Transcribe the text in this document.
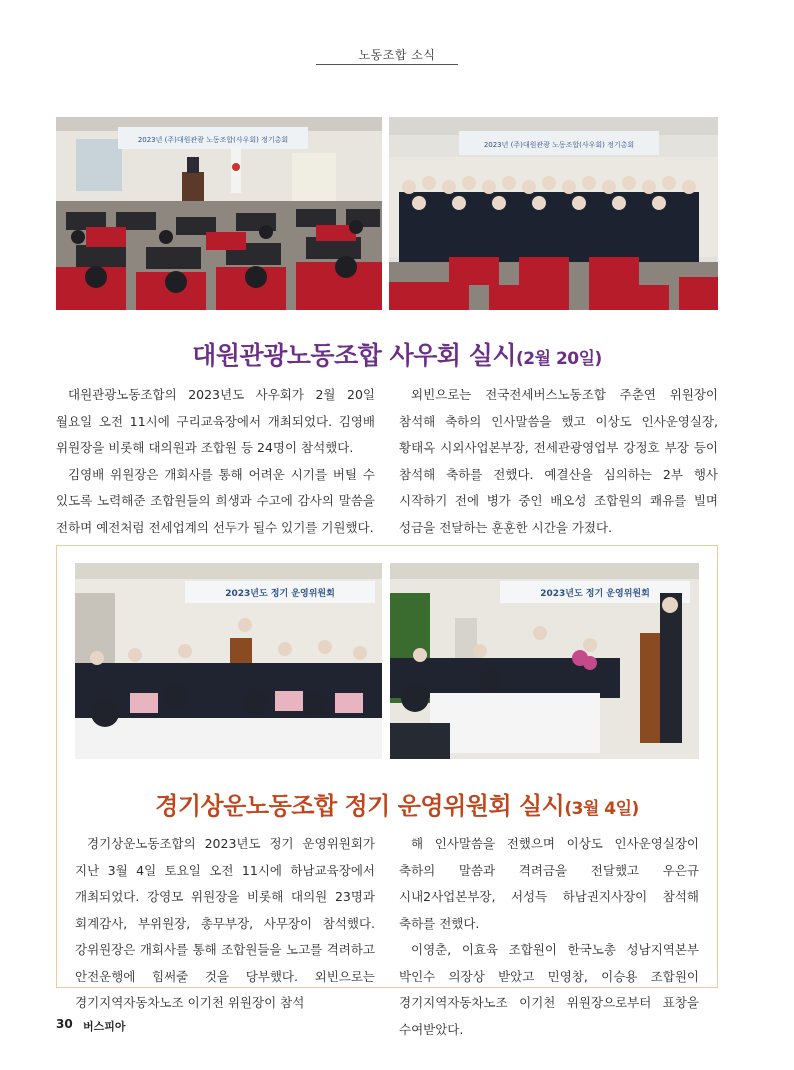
노동조합 소식
2023년 (주)대원관광 노동조합(사우회) 정기총회
2023년 (주)대원관광 노동조합(사우회) 정기총회
대원관광노동조합 사우회 실시(2월 20일)

대원관광노동조합의 2023년도 사우회가 2월 20일 월요일 오전 11시에 구리교육장에서 개최되었다. 김영배 위원장을 비롯해 대의원과 조합원 등 24명이 참석했다.

김영배 위원장은 개회사를 통해 어려운 시기를 버틸 수 있도록 노력해준 조합원들의 희생과 수고에 감사의 말씀을 전하며 예전처럼 전세업계의 선두가 될수 있기를 기원했다.

외빈으로는 전국전세버스노동조합 주춘연 위원장이 참석해 축하의 인사말씀을 했고 이상도 인사운영실장, 황태옥 시외사업본부장, 전세관광영업부 강정호 부장 등이 참석해 축하를 전했다. 예결산을 심의하는 2부 행사 시작하기 전에 병가 중인 배오성 조합원의 쾌유를 빌며 성금을 전달하는 훈훈한 시간을 가졌다.

2023년도 정기 운영위원회	2023년도 정기 운영위원회
경기상운노동조합 정기 운영위원회 실시(3월 4일)

경기상운노동조합의 2023년도 정기 운영위원회가 지난 3월 4일 토요일 오전 11시에 하남교육장에서 개최되었다. 강영모 위원장을 비롯해 대의원 23명과 회계감사, 부위원장, 총무부장, 사무장이 참석했다. 강위원장은 개회사를 통해 조합원들을 노고를 격려하고 안전운행에 힘써줄 것을 당부했다. 외빈으로는 경기지역자동차노조 이기천 위원장이 참석

해 인사말씀을 전했으며 이상도 인사운영실장이 축하의 말씀과 격려금을 전달했고 우은규 시내2사업본부장, 서성득 하남권지사장이 참석해 축하를 전했다.

이영춘, 이효육 조합원이 한국노총 성남지역본부 박인수 의장상 받았고 민영창, 이승용 조합원이 경기지역자동차노조 이기천 위원장으로부터 표창을 수여받았다.

30 버스피아
